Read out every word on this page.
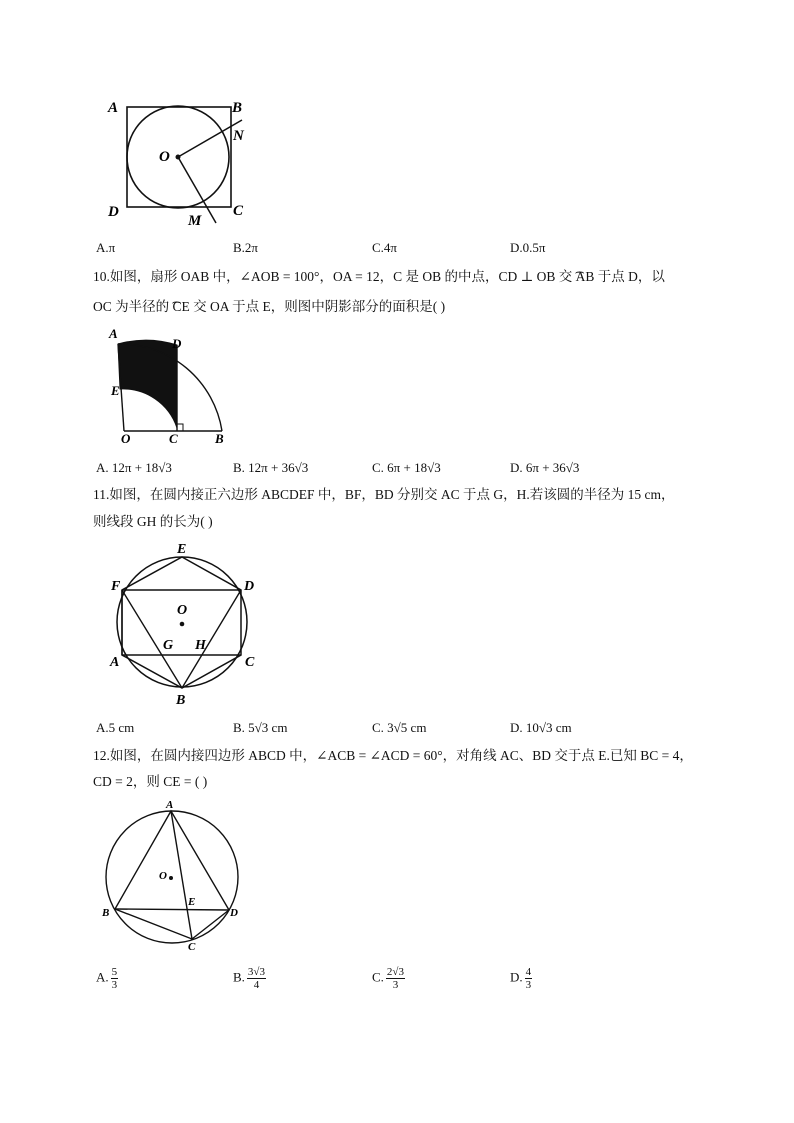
A	B
N
O
D	C
M
A.π	B.2π	C.4π	D.0.5π
10.如图，扇形 OAB 中，∠AOB = 100°，OA = 12，C 是 OB 的中点，CD ⊥ OB 交 ͡AB 于点 D，以
OC 为半径的 ͡CE 交 OA 于点 E，则图中阴影部分的面积是( )
A
D
E
O	C	B
A. 12π + 18√3	B. 12π + 36√3	C. 6π + 18√3	D. 6π + 36√3
11.如图，在圆内接正六边形 ABCDEF 中，BF，BD 分别交 AC 于点 G，H.若该圆的半径为 15 cm，
则线段 GH 的长为( )
E
F	D
O
G H
A	C
B
A.5 cm	B. 5√3 cm	C. 3√5 cm	D. 10√3 cm
12.如图，在圆内接四边形 ABCD 中，∠ACB = ∠ACD = 60°，对角线 AC、BD 交于点 E.已知 BC = 4，
CD = 2，则 CE = ( )
A
O
E
B	D
C
A. $\frac{5}{3}$	B. $\frac{3√3}{4}$	C. $\frac{2√3}{3}$	D. $\frac{4}{3}$
